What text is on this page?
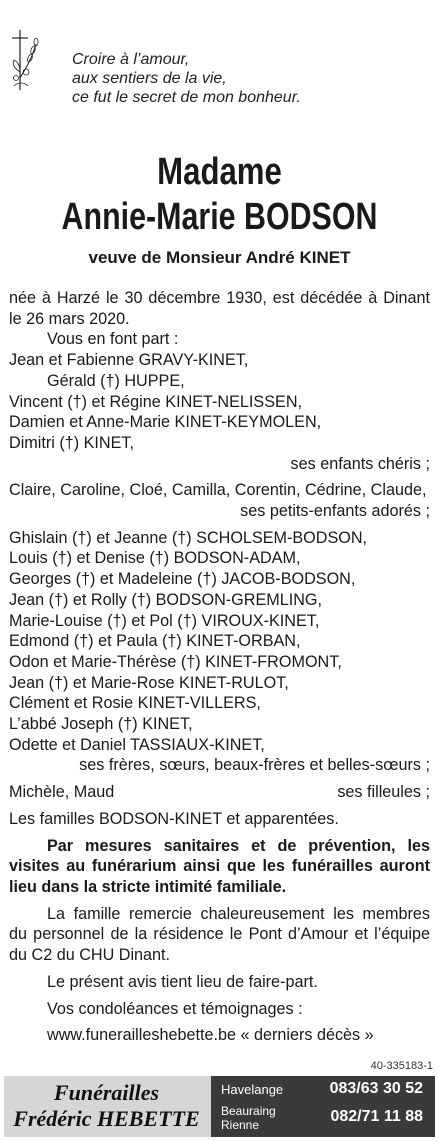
Croire à l’amour,
aux sentiers de la vie,
ce fut le secret de mon bonheur.
Madame
Annie-Marie BODSON
veuve de Monsieur André KINET

née à Harzé le 30 décembre 1930, est décédée à Dinant le 26 mars 2020.

Vous en font part :

Jean et Fabienne GRAVY-KINET,

Gérald (†) HUPPE,

Vincent (†) et Régine KINET-NELISSEN,

Damien et Anne-Marie KINET-KEYMOLEN,

Dimitri (†) KINET,

ses enfants chéris ;

Claire, Caroline, Cloé, Camilla, Corentin, Cédrine, Claude,

ses petits-enfants adorés ;

Ghislain (†) et Jeanne (†) SCHOLSEM-BODSON,

Louis (†) et Denise (†) BODSON-ADAM,

Georges (†) et Madeleine (†) JACOB-BODSON,

Jean (†) et Rolly (†) BODSON-GREMLING,

Marie-Louise (†) et Pol (†) VIROUX-KINET,

Edmond (†) et Paula (†) KINET-ORBAN,

Odon et Marie-Thérèse (†) KINET-FROMONT,

Jean (†) et Marie-Rose KINET-RULOT,

Clément et Rosie KINET-VILLERS,

L’abbé Joseph (†) KINET,

Odette et Daniel TASSIAUX-KINET,

ses frères, sœurs, beaux-frères et belles-sœurs ;

Michèle, Maud	ses filleules ;

Les familles BODSON-KINET et apparentées.

Par mesures sanitaires et de prévention, les visites au funérarium ainsi que les funérailles auront lieu dans la stricte intimité familiale.

La famille remercie chaleureusement les membres du personnel de la résidence le Pont d’Amour et l’équipe du C2 du CHU Dinant.

Le présent avis tient lieu de faire-part.

Vos condoléances et témoignages :

www.funerailleshebette.be « derniers décès »

40-335183-1
Funérailles
Frédéric HEBETTE
Havelange	083/63 30 52
Beauraing
Rienne	082/71 11 88
